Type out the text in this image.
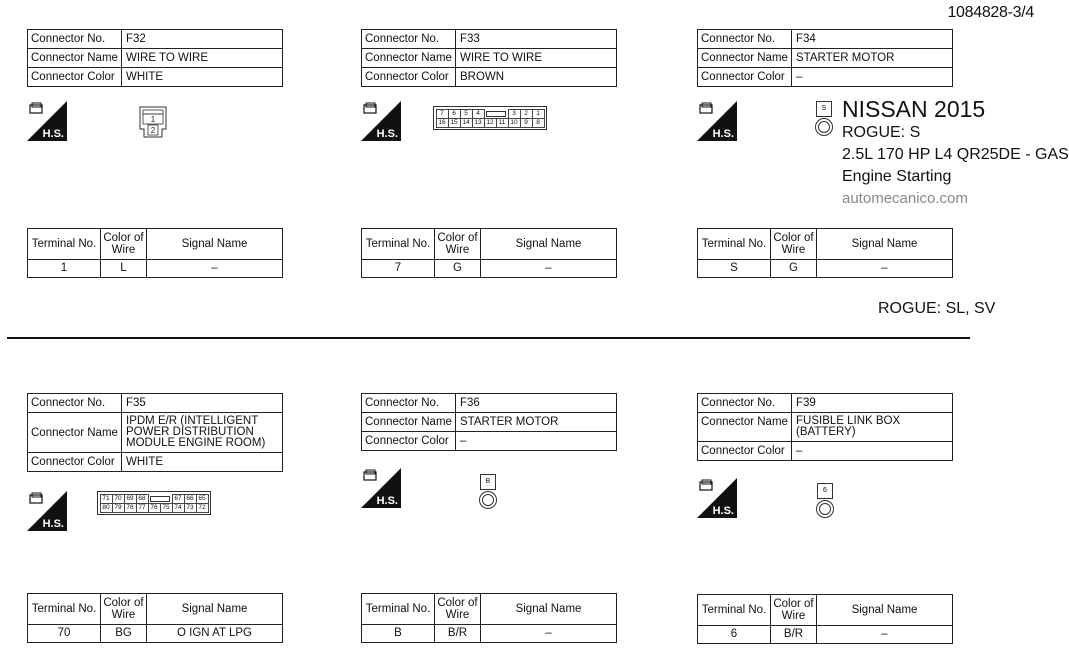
1084828-3/4
Connector No.	F32
Connector Name	WIRE TO WIRE
Connector Color	WHITE
Connector No.	F33
Connector Name	WIRE TO WIRE
Connector Color	BROWN
Connector No.	F34
Connector Name	STARTER MOTOR
Connector Color	–
H.S.	H.S.	H.S.
1
2
7	6	5	4	3	2	1
16 15 14 13 12 11 10	9	8
S NISSAN 2015
ROGUE: S
2.5L 170 HP L4 QR25DE - GAS
Engine Starting
automecanico.com
Terminal No.	Color of Wire	Signal Name
1	L	–
Terminal No.	Color of Wire	Signal Name
7	G	–
Terminal No.	Color of Wire	Signal Name
S	G	–
ROGUE: SL, SV
Connector No.	F35
Connector Name	IPDM E/R (INTELLIGENT
POWER DISTRIBUTION
MODULE ENGINE ROOM)

Connector Color	WHITE
Connector No.	F36
Connector Name	STARTER MOTOR
Connector Color	–
Connector No.	F39
Connector Name	FUSIBLE LINK BOX
(BATTERY)

Connector Color	–
H.S.
H.S.
H.S.
71 70 69 68	67 66 65
80 79 78 77 76 75 74 73 72
B
6
Terminal No.	Color of Wire	Signal Name
70	BG	O IGN AT LPG
Terminal No.	Color of Wire	Signal Name
B	B/R	–
Terminal No.	Color of Wire	Signal Name
6	B/R	–
